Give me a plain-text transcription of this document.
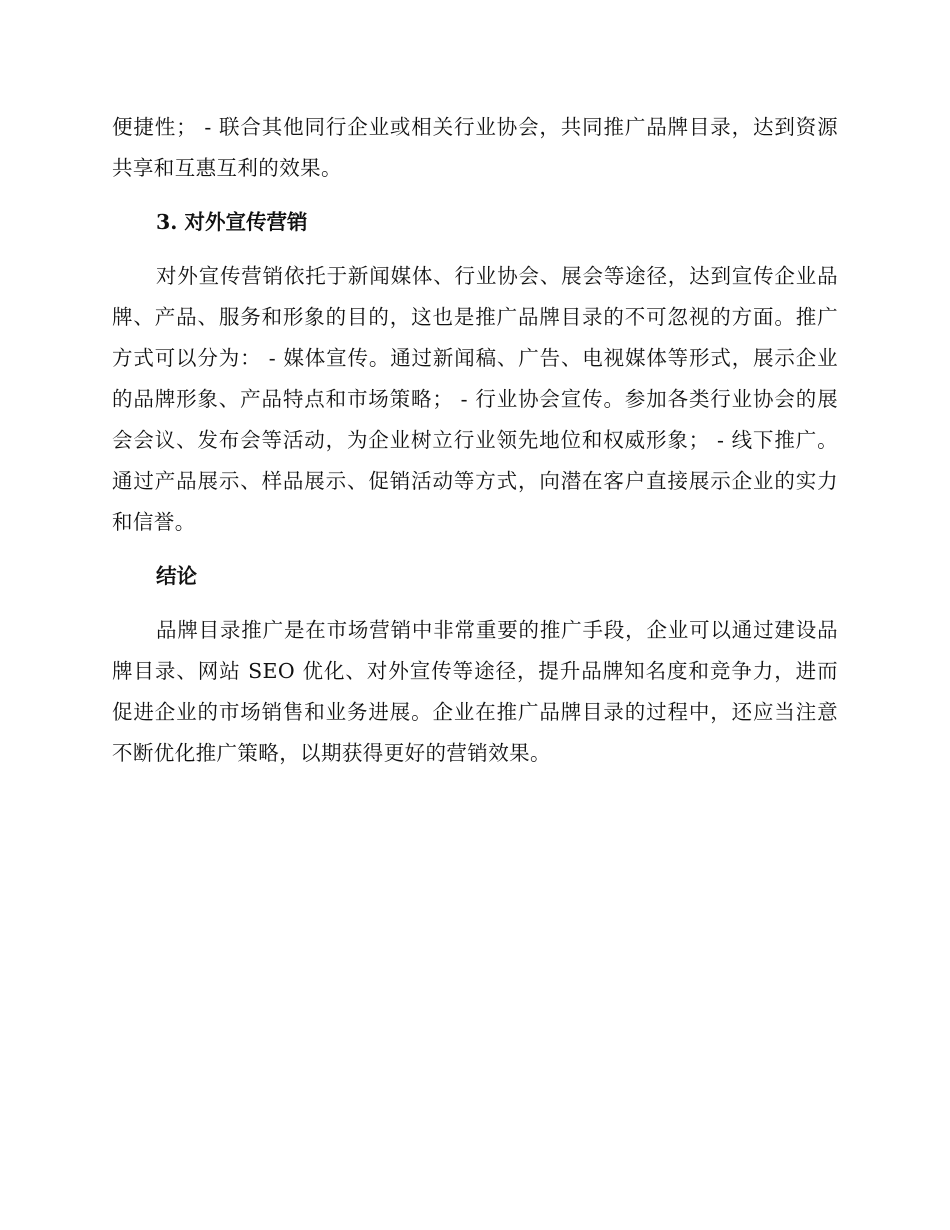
便捷性； - 联合其他同行企业或相关行业协会，共同推广品牌目录，达到资源共享和互惠互利的效果。

3. 对外宣传营销

对外宣传营销依托于新闻媒体、行业协会、展会等途径，达到宣传企业品牌、产品、服务和形象的目的，这也是推广品牌目录的不可忽视的方面。推广方式可以分为： - 媒体宣传。通过新闻稿、广告、电视媒体等形式，展示企业的品牌形象、产品特点和市场策略； - 行业协会宣传。参加各类行业协会的展会会议、发布会等活动，为企业树立行业领先地位和权威形象； - 线下推广。通过产品展示、样品展示、促销活动等方式，向潜在客户直接展示企业的实力和信誉。

结论

品牌目录推广是在市场营销中非常重要的推广手段，企业可以通过建设品牌目录、网站 SEO 优化、对外宣传等途径，提升品牌知名度和竞争力，进而促进企业的市场销售和业务进展。企业在推广品牌目录的过程中，还应当注意不断优化推广策略，以期获得更好的营销效果。
